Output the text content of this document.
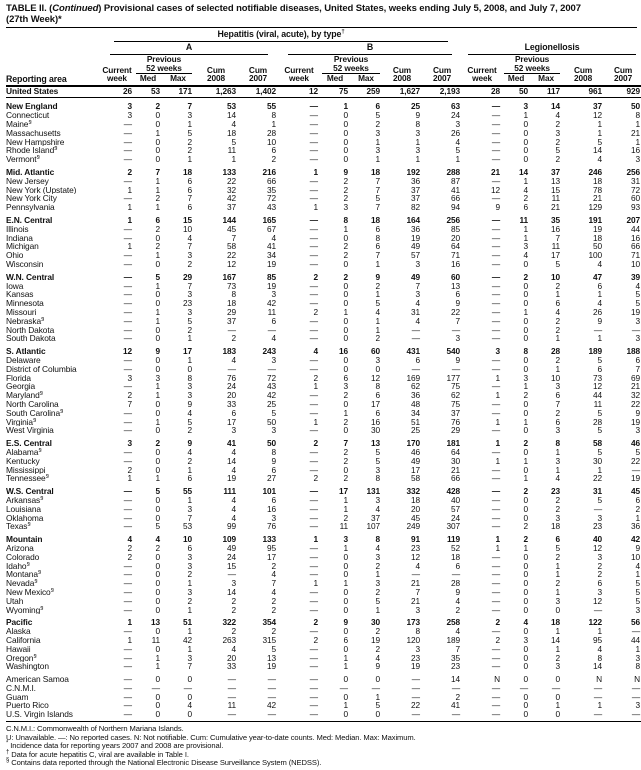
TABLE II. (Continued) Provisional cases of selected notifiable diseases, United States, weeks ending July 5, 2008, and July 7, 2007
(27th Week)*
Reporting area	Hepatitis (viral, acute), by type†

	A					B					Legionellosis				

		Previous					Previous					Previous			
	Current	52 weeks		Cum	Cum	Current	52 weeks		Cum	Cum	Current	52 weeks		Cum	Cum
	week	Med	Max	2008	2007	week	Med	Max	2008	2007	week	Med	Max	2008	2007
United States	26	53	171	1,263	1,402	12	75	259	1,627	2,193	28	50	117	961	929
New England	3	2	7	53	55	—	1	6	25	63	—	3	14	37	50
Connecticut	3	0	3	14	8	—	0	5	9	24	—	1	4	12	8
Maine§	—	0	1	4	1	—	0	2	8	3	—	0	2	1	1
Massachusetts	—	1	5	18	28	—	0	3	3	26	—	0	3	1	21
New Hampshire	—	0	2	5	10	—	0	1	1	4	—	0	2	5	1
Rhode Island§	—	0	2	11	6	—	0	3	3	5	—	0	5	14	16
Vermont§	—	0	1	1	2	—	0	1	1	1	—	0	2	4	3
Mid. Atlantic	2	7	18	133	216	1	9	18	192	288	21	14	37	246	256
New Jersey	—	1	6	22	66	—	2	7	36	87	—	1	13	18	31
New York (Upstate)	1	1	6	32	35	—	2	7	37	41	12	4	15	78	72
New York City	—	2	7	42	72	—	2	5	37	66	—	2	11	21	60
Pennsylvania	1	1	6	37	43	1	3	7	82	94	9	6	21	129	93
E.N. Central	1	6	15	144	165	—	8	18	164	256	—	11	35	191	207
Illinois	—	2	10	45	67	—	1	6	36	85	—	1	16	19	44
Indiana	—	0	4	7	4	—	0	8	19	20	—	1	7	18	16
Michigan	1	2	7	58	41	—	2	6	49	64	—	3	11	50	66
Ohio	—	1	3	22	34	—	2	7	57	71	—	4	17	100	71
Wisconsin	—	0	2	12	19	—	0	1	3	16	—	0	5	4	10
W.N. Central	—	5	29	167	85	2	2	9	49	60	—	2	10	47	39
Iowa	—	1	7	73	19	—	0	2	7	13	—	0	2	6	4
Kansas	—	0	3	8	3	—	0	1	3	6	—	0	1	1	5
Minnesota	—	0	23	18	42	—	0	5	4	9	—	0	6	4	5
Missouri	—	1	3	29	11	2	1	4	31	22	—	1	4	26	19
Nebraska§	—	1	5	37	6	—	0	1	4	7	—	0	2	9	3
North Dakota	—	0	2	—	—	—	0	1	—	—	—	0	2	—	—
South Dakota	—	0	1	2	4	—	0	2	—	3	—	0	1	1	3
S. Atlantic	12	9	17	183	243	4	16	60	431	540	3	8	28	189	188
Delaware	—	0	1	4	3	—	0	3	6	9	—	0	2	5	6
District of Columbia	—	0	0	—	—	—	0	0	—	—	—	0	1	6	7
Florida	3	3	8	76	72	2	6	12	169	177	1	3	10	73	69
Georgia	—	1	3	24	43	1	3	8	62	75	—	1	3	12	21
Maryland§	2	1	3	20	42	—	2	6	36	62	1	2	6	44	32
North Carolina	7	0	9	33	25	—	0	17	48	75	—	0	7	11	22
South Carolina§	—	0	4	6	5	—	1	6	34	37	—	0	2	5	9
Virginia§	—	1	5	17	50	1	2	16	51	76	1	1	6	28	19
West Virginia	—	0	2	3	3	—	0	30	25	29	—	0	3	5	3
E.S. Central	3	2	9	41	50	2	7	13	170	181	1	2	8	58	46
Alabama§	—	0	4	4	8	—	2	5	46	64	—	0	1	5	5
Kentucky	—	0	2	14	9	—	2	5	49	30	1	1	3	30	22
Mississippi	2	0	1	4	6	—	0	3	17	21	—	0	1	1	—
Tennessee§	1	1	6	19	27	2	2	8	58	66	—	1	4	22	19
W.S. Central	—	5	55	111	101	—	17	131	332	428	—	2	23	31	45
Arkansas§	—	0	1	4	6	—	1	3	18	40	—	0	2	5	6
Louisiana	—	0	3	4	16	—	1	4	20	57	—	0	2	—	2
Oklahoma	—	0	7	4	3	—	2	37	45	24	—	0	3	3	1
Texas§	—	5	53	99	76	—	11	107	249	307	—	2	18	23	36
Mountain	4	4	10	109	133	1	3	8	91	119	1	2	6	40	42
Arizona	2	2	6	49	95	—	1	4	23	52	1	1	5	12	9
Colorado	2	0	3	24	17	—	0	3	12	18	—	0	2	3	10
Idaho§	—	0	3	15	2	—	0	2	4	6	—	0	1	2	4
Montana§	—	0	2	—	4	—	0	1	—	—	—	0	1	2	1
Nevada§	—	0	1	3	7	1	1	3	21	28	—	0	2	6	5
New Mexico§	—	0	3	14	4	—	0	2	7	9	—	0	1	3	5
Utah	—	0	2	2	2	—	0	5	21	4	—	0	3	12	5
Wyoming§	—	0	1	2	2	—	0	1	3	2	—	0	0	—	3
Pacific	1	13	51	322	354	2	9	30	173	258	2	4	18	122	56
Alaska	—	0	1	2	2	—	0	2	8	4	—	0	1	1	—
California	1	11	42	263	315	2	6	19	120	189	2	3	14	95	44
Hawaii	—	0	1	4	5	—	0	2	3	7	—	0	1	4	1
Oregon§	—	1	3	20	13	—	1	4	23	35	—	0	2	8	3
Washington	—	1	7	33	19	—	1	9	19	23	—	0	3	14	8
American Samoa	—	0	0	—	—	—	0	0	—	14	N	0	0	N	N
C.N.M.I.	—	—	—	—	—	—	—	—	—	—	—	—	—	—	—
Guam	—	0	0	—	—	—	0	1	—	2	—	0	0	—	—
Puerto Rico	—	0	4	11	42	—	1	5	22	41	—	0	1	1	3
U.S. Virgin Islands	—	0	0	—	—	—	0	0	—	—	—	0	0	—	—
C.N.M.I.: Commonwealth of Northern Mariana Islands.
U: Unavailable. —: No reported cases. N: Not notifiable. Cum: Cumulative year-to-date counts. Med: Median. Max: Maximum.
* Incidence data for reporting years 2007 and 2008 are provisional.
† Data for acute hepatitis C, viral are available in Table I.
§ Contains data reported through the National Electronic Disease Surveillance System (NEDSS).
